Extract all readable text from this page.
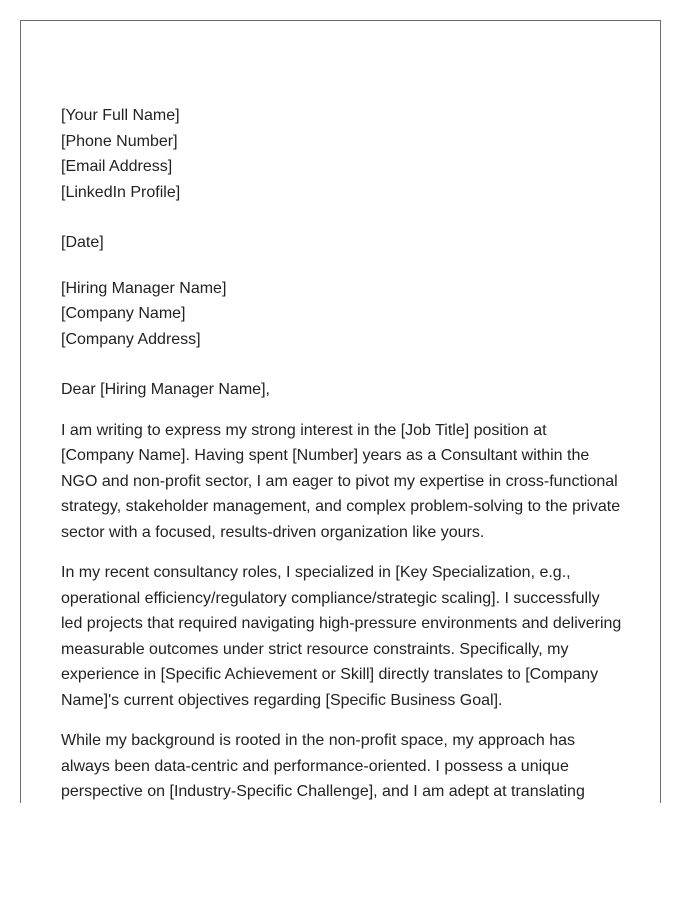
[Your Full Name]

[Phone Number]

[Email Address]

[LinkedIn Profile]

[Date]

[Hiring Manager Name]

[Company Name]

[Company Address]

Dear [Hiring Manager Name],

I am writing to express my strong interest in the [Job Title] position at [Company Name]. Having spent [Number] years as a Consultant within the NGO and non-profit sector, I am eager to pivot my expertise in cross-functional strategy, stakeholder management, and complex problem-solving to the private sector with a focused, results-driven organization like yours.

In my recent consultancy roles, I specialized in [Key Specialization, e.g., operational efficiency/regulatory compliance/strategic scaling]. I successfully led projects that required navigating high-pressure environments and delivering measurable outcomes under strict resource constraints. Specifically, my experience in [Specific Achievement or Skill] directly translates to [Company Name]'s current objectives regarding [Specific Business Goal].

While my background is rooted in the non-profit space, my approach has always been data-centric and performance-oriented. I possess a unique perspective on [Industry-Specific Challenge], and I am adept at translating
